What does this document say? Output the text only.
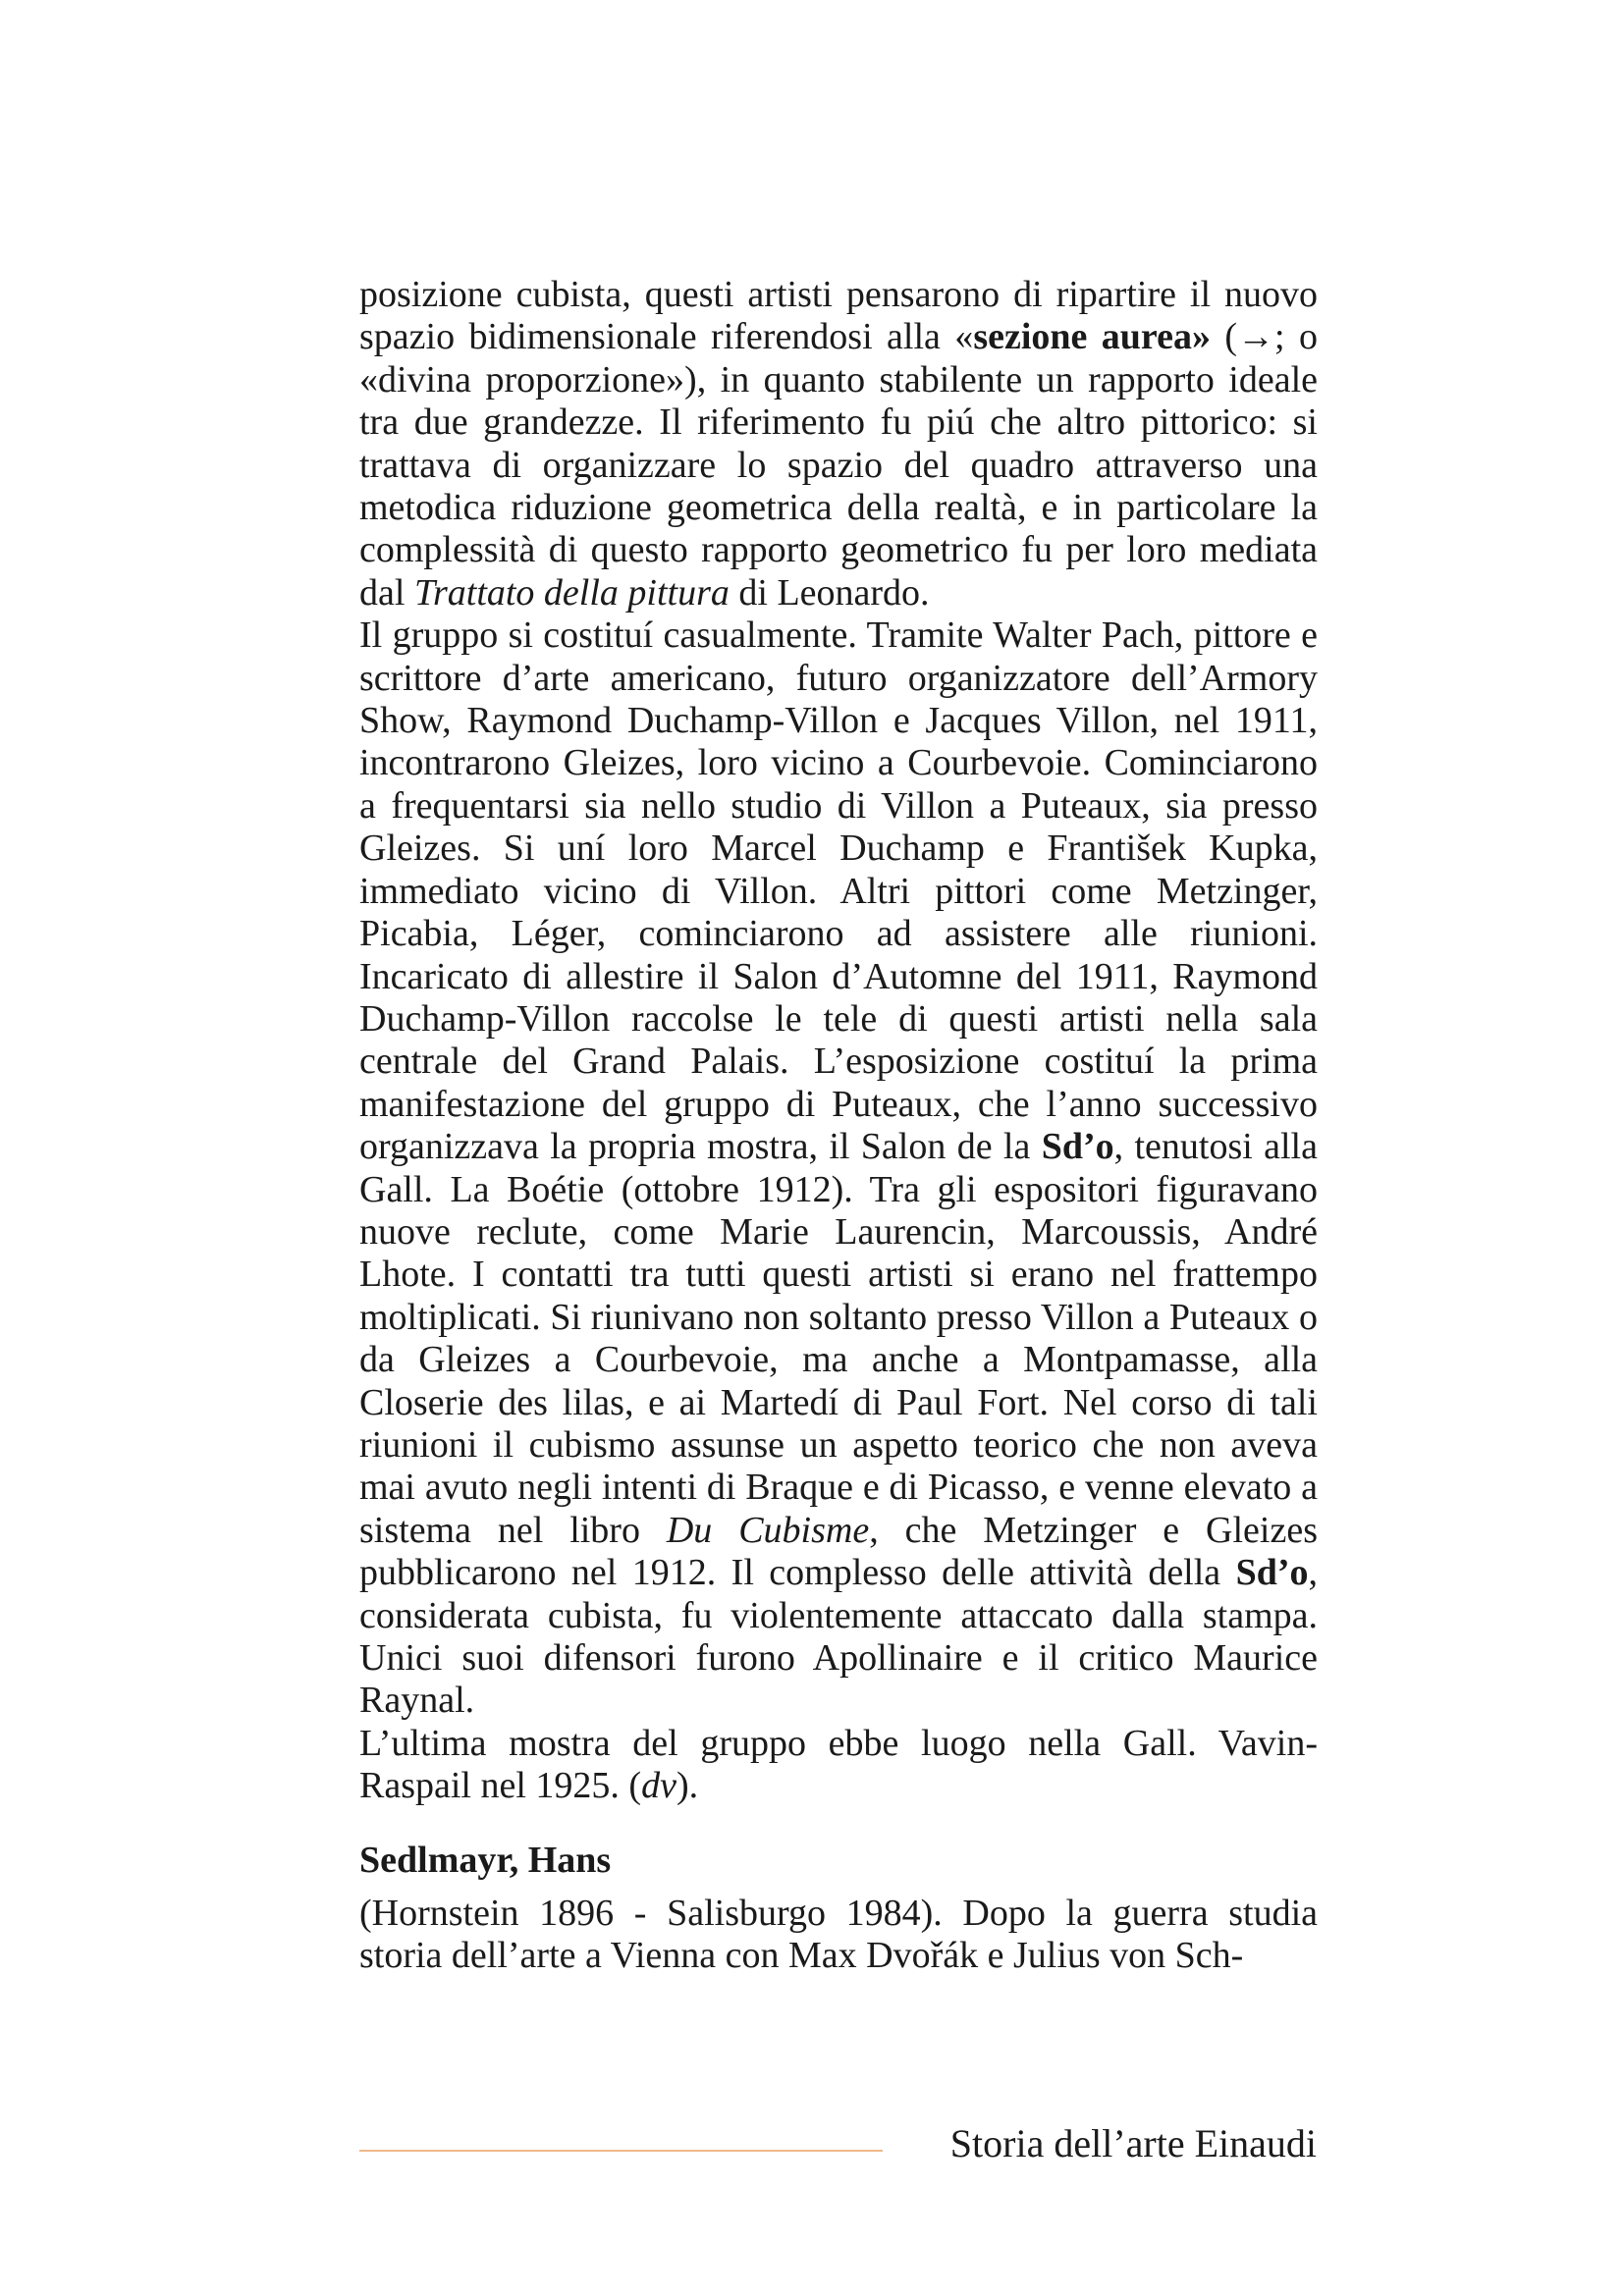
posizione cubista, questi artisti pensarono di ripartire il nuovo spazio bidimensionale riferendosi alla «sezione aurea» (→; o «divina proporzione»), in quanto stabilente un rapporto ideale tra due grandezze. Il riferimento fu piú che altro pittorico: si trattava di organizzare lo spazio del quadro attraverso una metodica riduzione geometrica della realtà, e in particolare la complessità di questo rapporto geometrico fu per loro mediata dal Trattato della pittura di Leonardo.

Il gruppo si costituí casualmente. Tramite Walter Pach, pittore e scrittore d’arte americano, futuro organizzatore dell’Armory Show, Raymond Duchamp-Villon e Jacques Villon, nel 1911, incontrarono Gleizes, loro vicino a Courbevoie. Cominciarono a frequentarsi sia nello studio di Villon a Puteaux, sia presso Gleizes. Si uní loro Marcel Duchamp e František Kupka, immediato vicino di Villon. Altri pittori come Metzinger, Picabia, Léger, cominciarono ad assistere alle riunioni. Incaricato di allestire il Salon d’Automne del 1911, Raymond Duchamp-Villon raccolse le tele di questi artisti nella sala centrale del Grand Palais. L’esposizione costituí la prima manifestazione del gruppo di Puteaux, che l’anno successivo organizzava la propria mostra, il Salon de la Sd’o, tenutosi alla Gall. La Boétie (ottobre 1912). Tra gli espositori figuravano nuove reclute, come Marie Laurencin, Marcoussis, André Lhote. I contatti tra tutti questi artisti si erano nel frattempo moltiplicati. Si riunivano non soltanto presso Villon a Puteaux o da Gleizes a Courbevoie, ma anche a Montpamasse, alla Closerie des lilas, e ai Martedí di Paul Fort. Nel corso di tali riunioni il cubismo assunse un aspetto teorico che non aveva mai avuto negli intenti di Braque e di Picasso, e venne elevato a sistema nel libro Du Cubisme, che Metzinger e Gleizes pubblicarono nel 1912. Il complesso delle attività della Sd’o, considerata cubista, fu violentemente attaccato dalla stampa. Unici suoi difensori furono Apollinaire e il critico Maurice Raynal.

L’ultima mostra del gruppo ebbe luogo nella Gall. Vavin-Raspail nel 1925. (dv).

Sedlmayr, Hans

(Hornstein 1896 - Salisburgo 1984). Dopo la guerra studia storia dell’arte a Vienna con Max Dvořák e Julius von Sch-

Storia dell’arte Einaudi
